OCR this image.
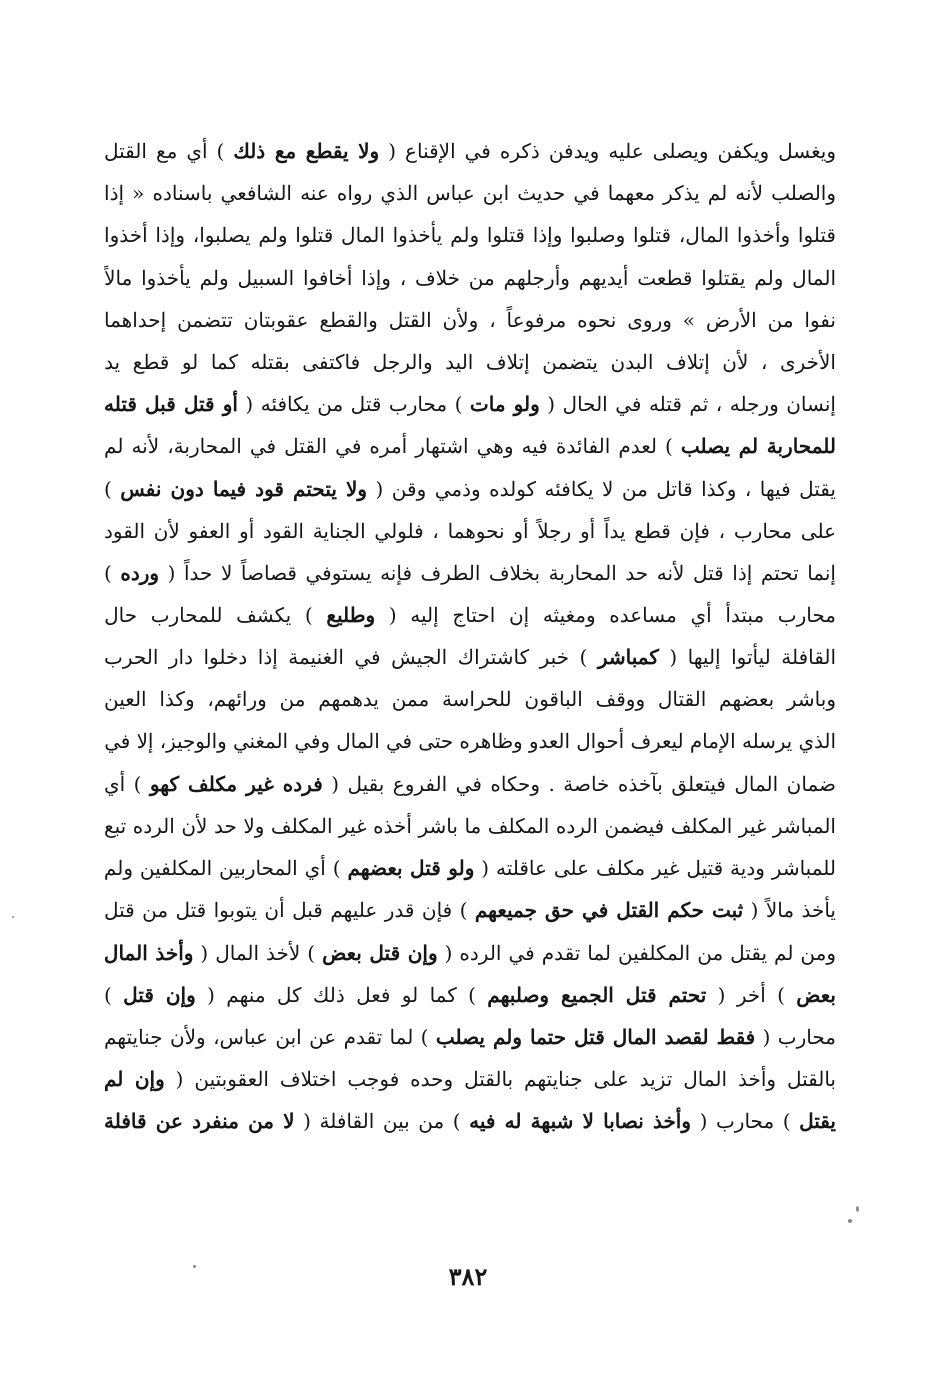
ويغسل ويكفن ويصلى عليه ويدفن ذكره في الإقناع ( ولا يقطع مع ذلك ) أي مع القتل
والصلب لأنه لم يذكر معهما في حديث ابن عباس الذي رواه عنه الشافعي باسناده « إذا
قتلوا وأخذوا المال، قتلوا وصلبوا وإذا قتلوا ولم يأخذوا المال قتلوا ولم يصلبوا، وإذا أخذوا
المال ولم يقتلوا قطعت أيديهم وأرجلهم من خلاف ، وإذا أخافوا السبيل ولم يأخذوا مالاً
نفوا من الأرض » وروى نحوه مرفوعاً ، ولأن القتل والقطع عقوبتان تتضمن إحداهما
الأخرى ، لأن إتلاف البدن يتضمن إتلاف اليد والرجل فاكتفى بقتله كما لو قطع يد
إنسان ورجله ، ثم قتله في الحال ( ولو مات ) محارب قتل من يكافئه ( أو قتل قبل قتله
للمحاربة لم يصلب ) لعدم الفائدة فيه وهي اشتهار أمره في القتل في المحاربة، لأنه لم
يقتل فيها ، وكذا قاتل من لا يكافئه كولده وذمي وقن ( ولا يتحتم قود فيما دون نفس )
على محارب ، فإن قطع يداً أو رجلاً أو نحوهما ، فلولي الجناية القود أو العفو لأن القود
إنما تحتم إذا قتل لأنه حد المحاربة بخلاف الطرف فإنه يستوفي قصاصاً لا حداً ( ورده )
محارب مبتدأ أي مساعده ومغيثه إن احتاج إليه ( وطليع ) يكشف للمحارب حال
القافلة ليأتوا إليها ( كمباشر ) خبر كاشتراك الجيش في الغنيمة إذا دخلوا دار الحرب
وباشر بعضهم القتال ووقف الباقون للحراسة ممن يدهمهم من ورائهم، وكذا العين
الذي يرسله الإمام ليعرف أحوال العدو وظاهره حتى في المال وفي المغني والوجيز، إلا في
ضمان المال فيتعلق بآخذه خاصة . وحكاه في الفروع بقيل ( فرده غير مكلف كهو ) أي
المباشر غير المكلف فيضمن الرده المكلف ما باشر أخذه غير المكلف ولا حد لأن الرده تبع
للمباشر ودية قتيل غير مكلف على عاقلته ( ولو قتل بعضهم ) أي المحاربين المكلفين ولم
يأخذ مالاً ( ثبت حكم القتل في حق جميعهم ) فإن قدر عليهم قبل أن يتوبوا قتل من قتل
ومن لم يقتل من المكلفين لما تقدم في الرده ( وإن قتل بعض ) لأخذ المال ( وأخذ المال
بعض ) أخر ( تحتم قتل الجميع وصلبهم ) كما لو فعل ذلك كل منهم ( وإن قتل )
محارب ( فقط لقصد المال قتل حتما ولم يصلب ) لما تقدم عن ابن عباس، ولأن جنايتهم
بالقتل وأخذ المال تزيد على جنايتهم بالقتل وحده فوجب اختلاف العقوبتين ( وإن لم
يقتل ) محارب ( وأخذ نصابا لا شبهة له فيه ) من بين القافلة ( لا من منفرد عن قافلة
٣٨٢
